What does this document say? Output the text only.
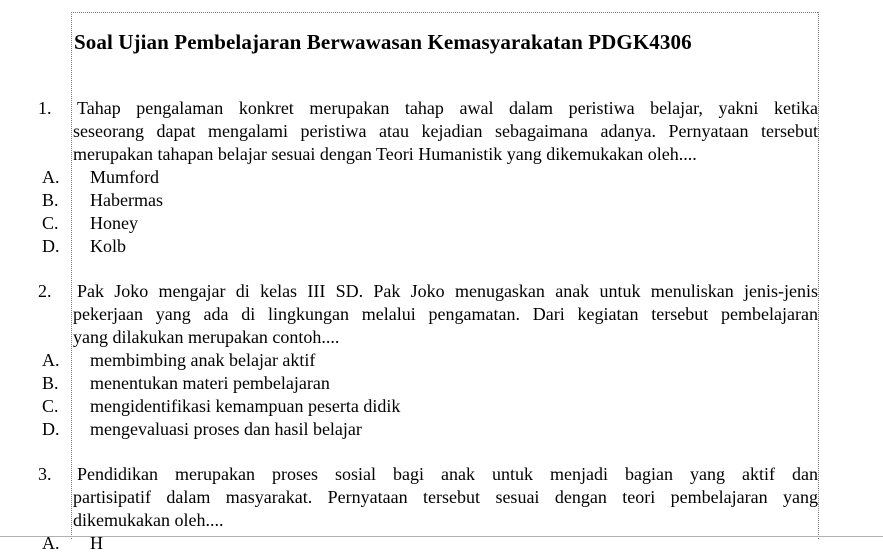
Soal Ujian Pembelajaran Berwawasan Kemasyarakatan PDGK4306
1. Tahap pengalaman konkret merupakan tahap awal dalam peristiwa belajar, yakni ketika
seseorang dapat mengalami peristiwa atau kejadian sebagaimana adanya. Pernyataan tersebut
merupakan tahapan belajar sesuai dengan Teori Humanistik yang dikemukakan oleh....
A. Mumford
B. Habermas
C. Honey
D. Kolb
2. Pak Joko mengajar di kelas III SD. Pak Joko menugaskan anak untuk menuliskan jenis-jenis
pekerjaan yang ada di lingkungan melalui pengamatan. Dari kegiatan tersebut pembelajaran
yang dilakukan merupakan contoh....
A. membimbing anak belajar aktif
B. menentukan materi pembelajaran
C. mengidentifikasi kemampuan peserta didik
D. mengevaluasi proses dan hasil belajar
3. Pendidikan merupakan proses sosial bagi anak untuk menjadi bagian yang aktif dan
partisipatif dalam masyarakat. Pernyataan tersebut sesuai dengan teori pembelajaran yang
dikemukakan oleh....
A. H
